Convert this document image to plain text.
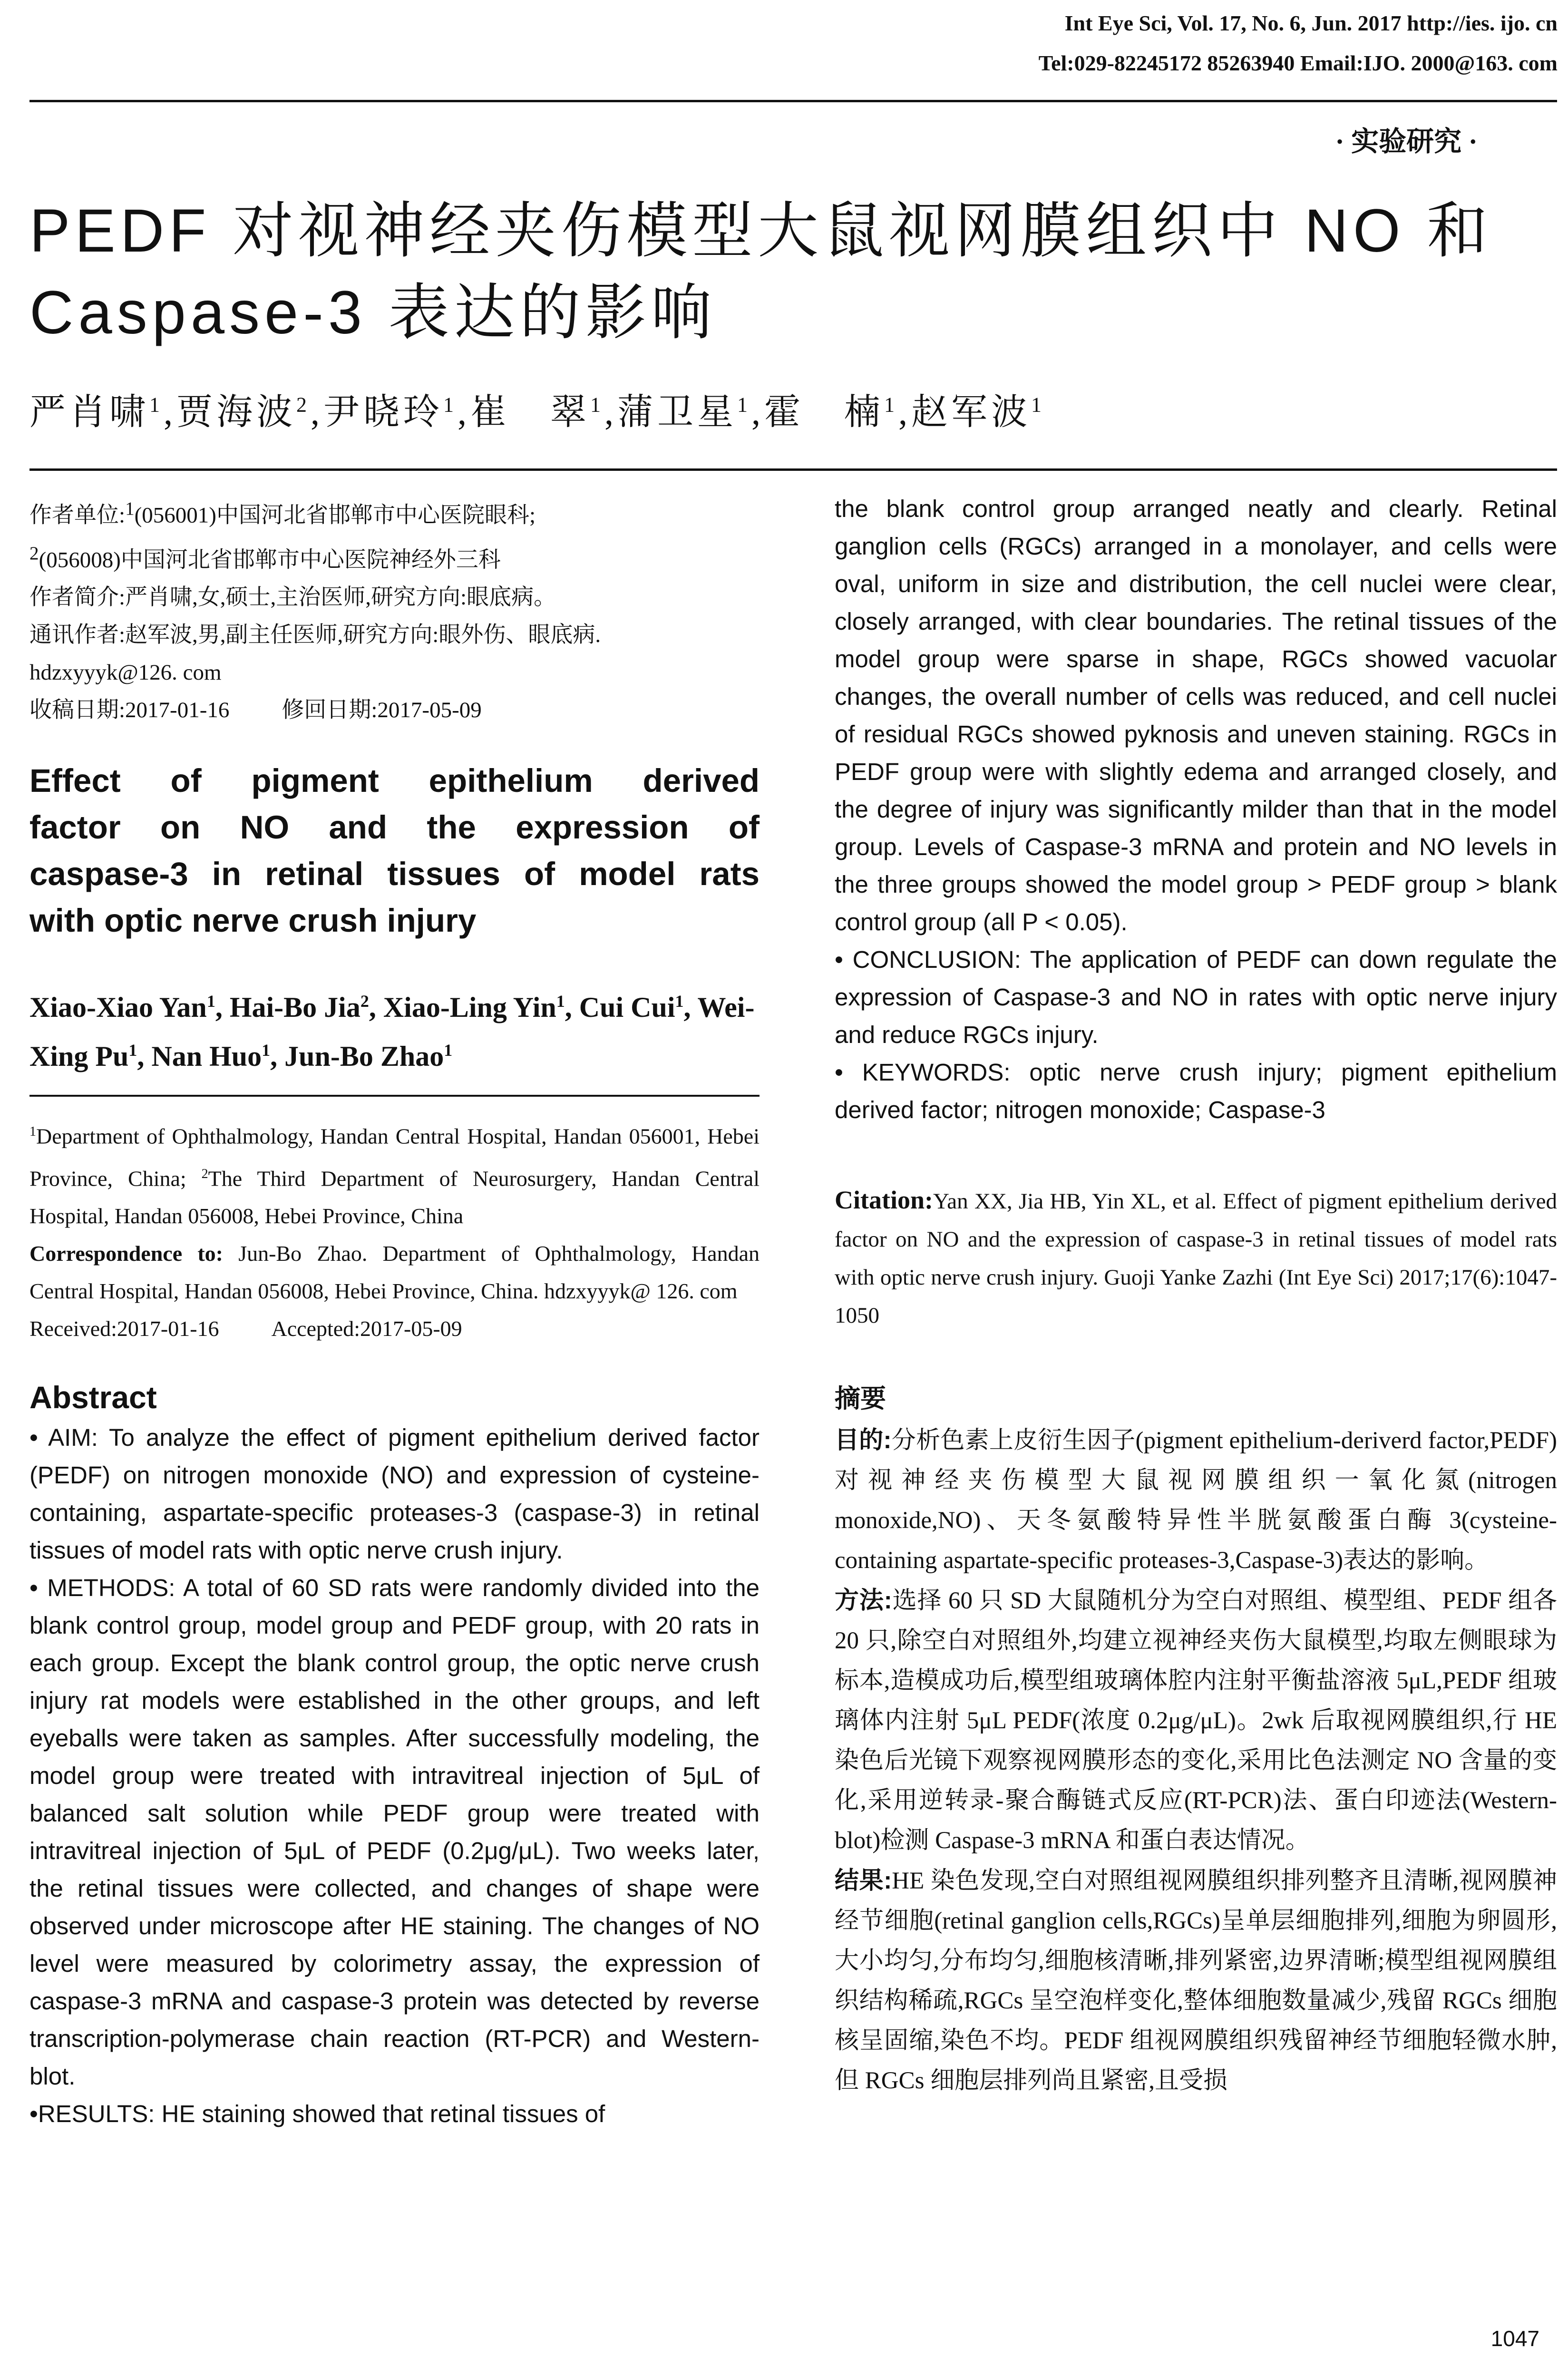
Int Eye Sci, Vol. 17, No. 6, Jun. 2017 http://ies. ijo. cn
Tel:029-82245172 85263940 Email:IJO. 2000@163. com
· 实验研究 ·
PEDF 对视神经夹伤模型大鼠视网膜组织中 NO 和 Caspase-3 表达的影响
严肖啸$^1$,贾海波$^2$,尹晓玲$^1$,崔　翠$^1$,蒲卫星$^1$,霍　楠$^1$,赵军波$^1$

作者单位:$^1$(056001)中国河北省邯郸市中心医院眼科;

$^2$(056008)中国河北省邯郸市中心医院神经外三科

作者简介:严肖啸,女,硕士,主治医师,研究方向:眼底病。

通讯作者:赵军波,男,副主任医师,研究方向:眼外伤、眼底病.

hdzxyyyk@126. com

收稿日期:2017-01-16 修回日期:2017-05-09

Effect of pigment epithelium derived
factor on NO and the expression of
caspase-3 in retinal tissues of model rats
with optic nerve crush injury
Xiao-Xiao Yan$^1$, Hai-Bo Jia$^2$, Xiao-Ling Yin$^1$, Cui Cui$^1$, Wei-Xing Pu$^1$, Nan Huo$^1$, Jun-Bo Zhao$^1$

$^1$Department of Ophthalmology, Handan Central Hospital, Handan 056001, Hebei Province, China; $^2$The Third Department of Neurosurgery, Handan Central Hospital, Handan 056008, Hebei Province, China

Correspondence to: Jun-Bo Zhao. Department of Ophthalmology, Handan Central Hospital, Handan 056008, Hebei Province, China. hdzxyyyk@ 126. com

Received:2017-01-16 Accepted:2017-05-09

Abstract

• AIM: To analyze the effect of pigment epithelium derived factor (PEDF) on nitrogen monoxide (NO) and expression of cysteine-containing, aspartate-specific proteases-3 (caspase-3) in retinal tissues of model rats with optic nerve crush injury.

• METHODS: A total of 60 SD rats were randomly divided into the blank control group, model group and PEDF group, with 20 rats in each group. Except the blank control group, the optic nerve crush injury rat models were established in the other groups, and left eyeballs were taken as samples. After successfully modeling, the model group were treated with intravitreal injection of 5μL of balanced salt solution while PEDF group were treated with intravitreal injection of 5μL of PEDF (0.2μg/μL). Two weeks later, the retinal tissues were collected, and changes of shape were observed under microscope after HE staining. The changes of NO level were measured by colorimetry assay, the expression of caspase-3 mRNA and caspase-3 protein was detected by reverse transcription-polymerase chain reaction (RT-PCR) and Western-blot.

•RESULTS: HE staining showed that retinal tissues of

the blank control group arranged neatly and clearly. Retinal ganglion cells (RGCs) arranged in a monolayer, and cells were oval, uniform in size and distribution, the cell nuclei were clear, closely arranged, with clear boundaries. The retinal tissues of the model group were sparse in shape, RGCs showed vacuolar changes, the overall number of cells was reduced, and cell nuclei of residual RGCs showed pyknosis and uneven staining. RGCs in PEDF group were with slightly edema and arranged closely, and the degree of injury was significantly milder than that in the model group. Levels of Caspase-3 mRNA and protein and NO levels in the three groups showed the model group > PEDF group > blank control group (all P < 0.05).

• CONCLUSION: The application of PEDF can down regulate the expression of Caspase-3 and NO in rates with optic nerve injury and reduce RGCs injury.

• KEYWORDS: optic nerve crush injury; pigment epithelium derived factor; nitrogen monoxide; Caspase-3

Citation:Yan XX, Jia HB, Yin XL, et al. Effect of pigment epithelium derived factor on NO and the expression of caspase-3 in retinal tissues of model rats with optic nerve crush injury. Guoji Yanke Zazhi (Int Eye Sci) 2017;17(6):1047-1050
摘要

目的:分析色素上皮衍生因子(pigment epithelium-deriverd factor,PEDF)对视神经夹伤模型大鼠视网膜组织一氧化氮(nitrogen monoxide,NO)、天冬氨酸特异性半胱氨酸蛋白酶 3(cysteine-containing aspartate-specific proteases-3,Caspase-3)表达的影响。

方法:选择 60 只 SD 大鼠随机分为空白对照组、模型组、PEDF 组各 20 只,除空白对照组外,均建立视神经夹伤大鼠模型,均取左侧眼球为标本,造模成功后,模型组玻璃体腔内注射平衡盐溶液 5μL,PEDF 组玻璃体内注射 5μL PEDF(浓度 0.2μg/μL)。2wk 后取视网膜组织,行 HE 染色后光镜下观察视网膜形态的变化,采用比色法测定 NO 含量的变化,采用逆转录-聚合酶链式反应(RT-PCR)法、蛋白印迹法(Western-blot)检测 Caspase-3 mRNA 和蛋白表达情况。

结果:HE 染色发现,空白对照组视网膜组织排列整齐且清晰,视网膜神经节细胞(retinal ganglion cells,RGCs)呈单层细胞排列,细胞为卵圆形,大小均匀,分布均匀,细胞核清晰,排列紧密,边界清晰;模型组视网膜组织结构稀疏,RGCs 呈空泡样变化,整体细胞数量减少,残留 RGCs 细胞核呈固缩,染色不均。PEDF 组视网膜组织残留神经节细胞轻微水肿,但 RGCs 细胞层排列尚且紧密,且受损

1047
